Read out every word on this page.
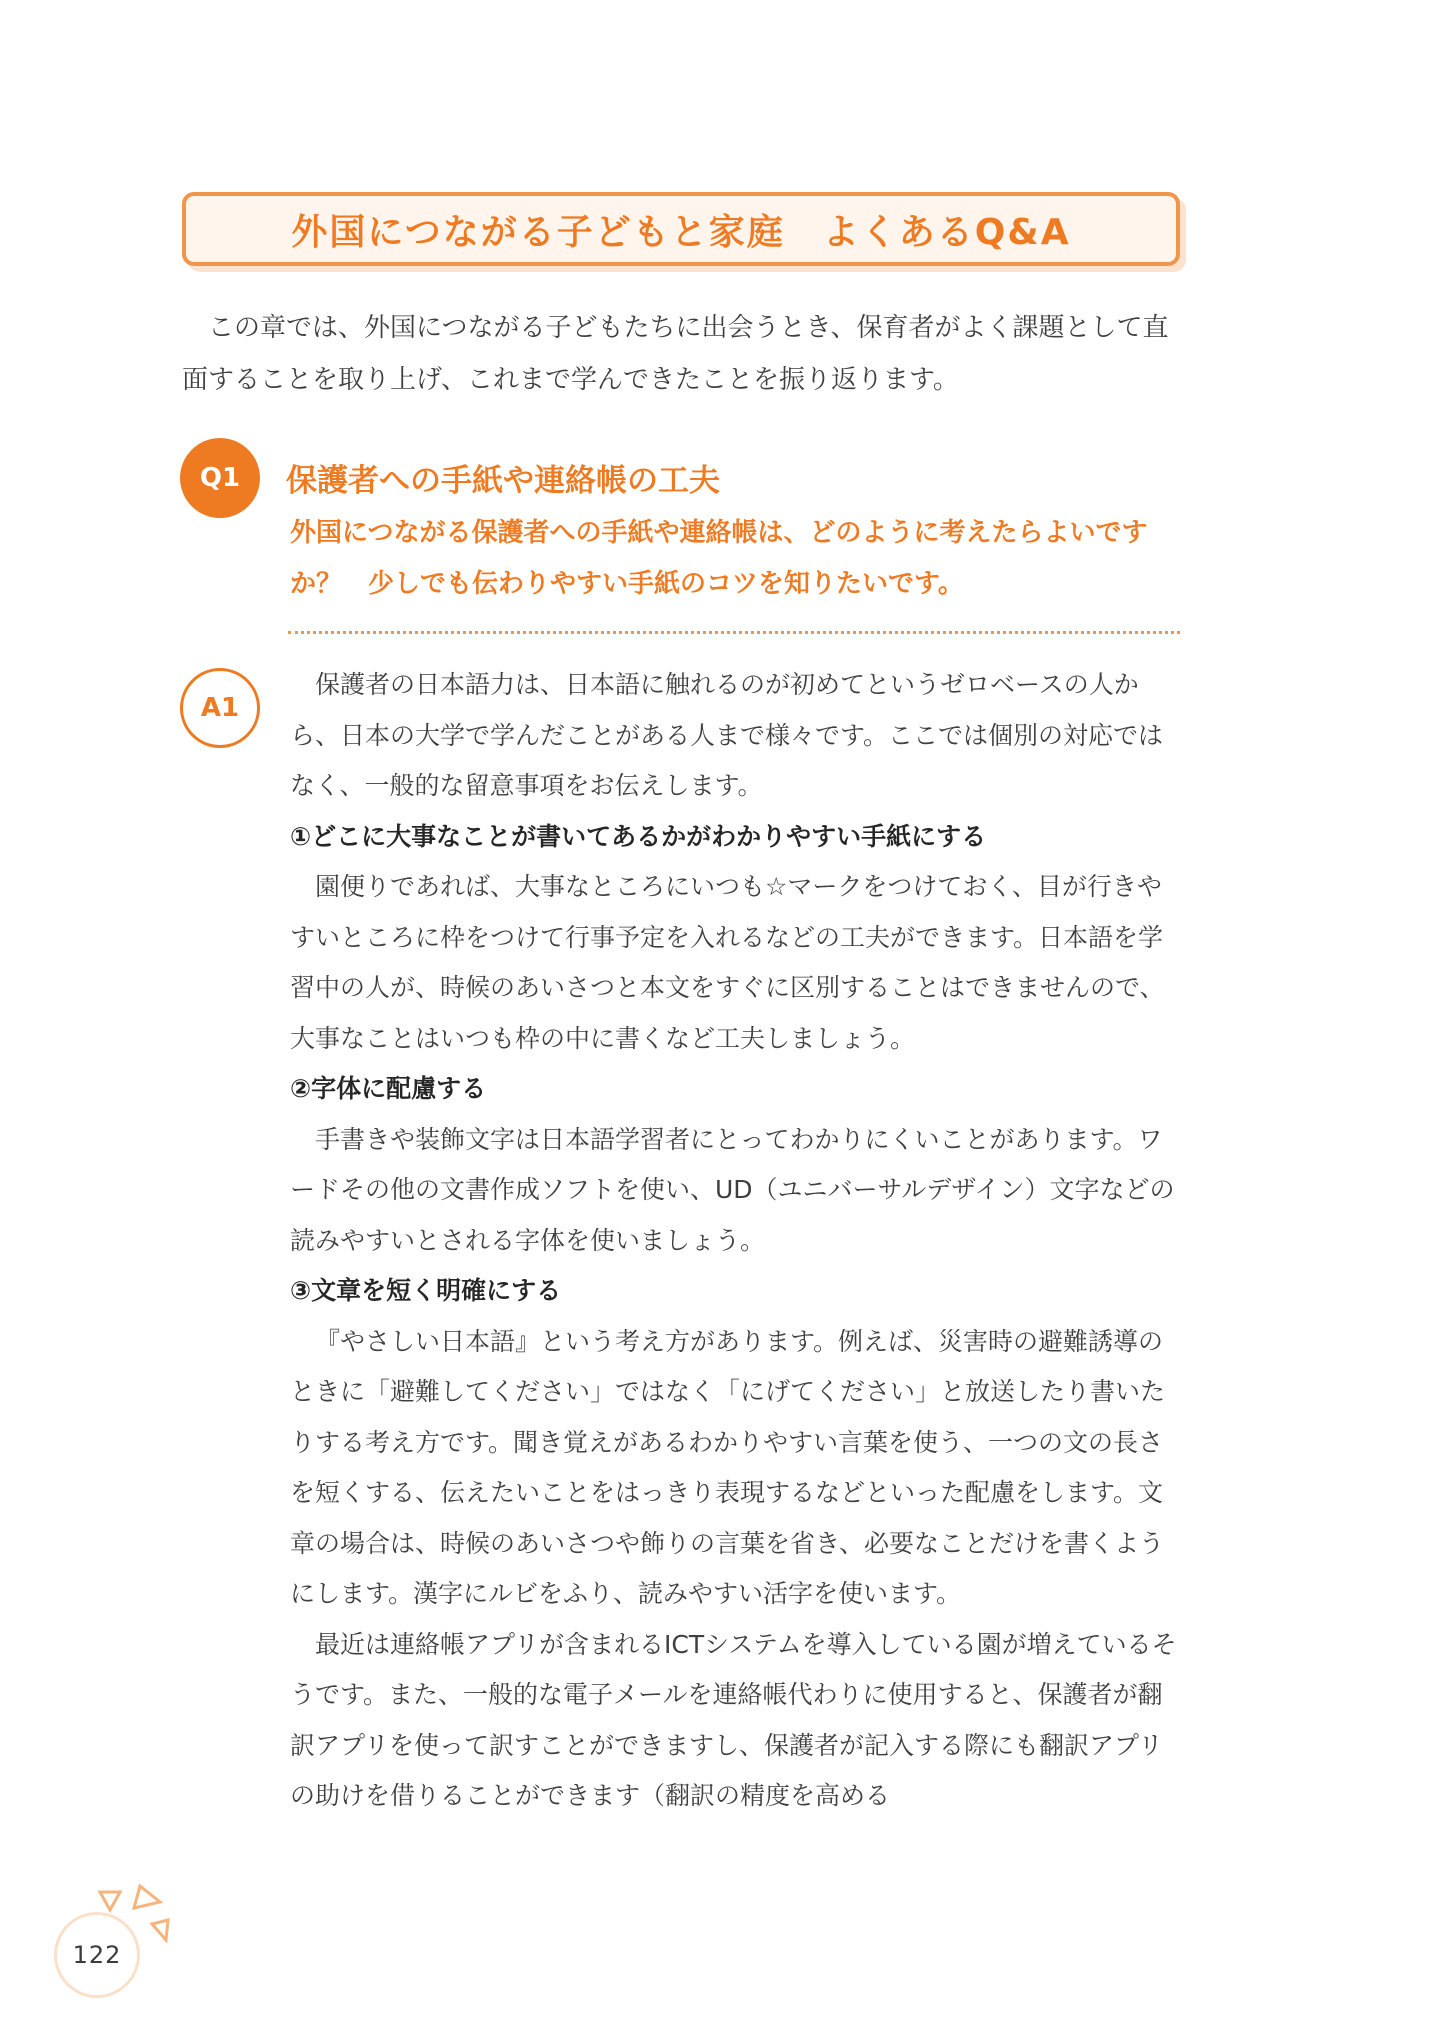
外国につながる子どもと家庭　よくあるQ&A

この章では、外国につながる子どもたちに出会うとき、保育者がよく課題として直面することを取り上げ、これまで学んできたことを振り返ります。

Q1 保護者への手紙や連絡帳の工夫
外国につながる保護者への手紙や連絡帳は、どのように考えたらよいですか？　少しでも伝わりやすい手紙のコツを知りたいです。
A1

保護者の日本語力は、日本語に触れるのが初めてというゼロベースの人から、日本の大学で学んだことがある人まで様々です。ここでは個別の対応ではなく、一般的な留意事項をお伝えします。

①どこに大事なことが書いてあるかがわかりやすい手紙にする

園便りであれば、大事なところにいつも☆マークをつけておく、目が行きやすいところに枠をつけて行事予定を入れるなどの工夫ができます。日本語を学習中の人が、時候のあいさつと本文をすぐに区別することはできませんので、大事なことはいつも枠の中に書くなど工夫しましょう。

②字体に配慮する

手書きや装飾文字は日本語学習者にとってわかりにくいことがあります。ワードその他の文書作成ソフトを使い、UD（ユニバーサルデザイン）文字などの読みやすいとされる字体を使いましょう。

③文章を短く明確にする

『やさしい日本語』という考え方があります。例えば、災害時の避難誘導のときに「避難してください」ではなく「にげてください」と放送したり書いたりする考え方です。聞き覚えがあるわかりやすい言葉を使う、一つの文の長さを短くする、伝えたいことをはっきり表現するなどといった配慮をします。文章の場合は、時候のあいさつや飾りの言葉を省き、必要なことだけを書くようにします。漢字にルビをふり、読みやすい活字を使います。

最近は連絡帳アプリが含まれるICTシステムを導入している園が増えているそうです。また、一般的な電子メールを連絡帳代わりに使用すると、保護者が翻訳アプリを使って訳すことができますし、保護者が記入する際にも翻訳アプリの助けを借りることができます（翻訳の精度を高める

122
